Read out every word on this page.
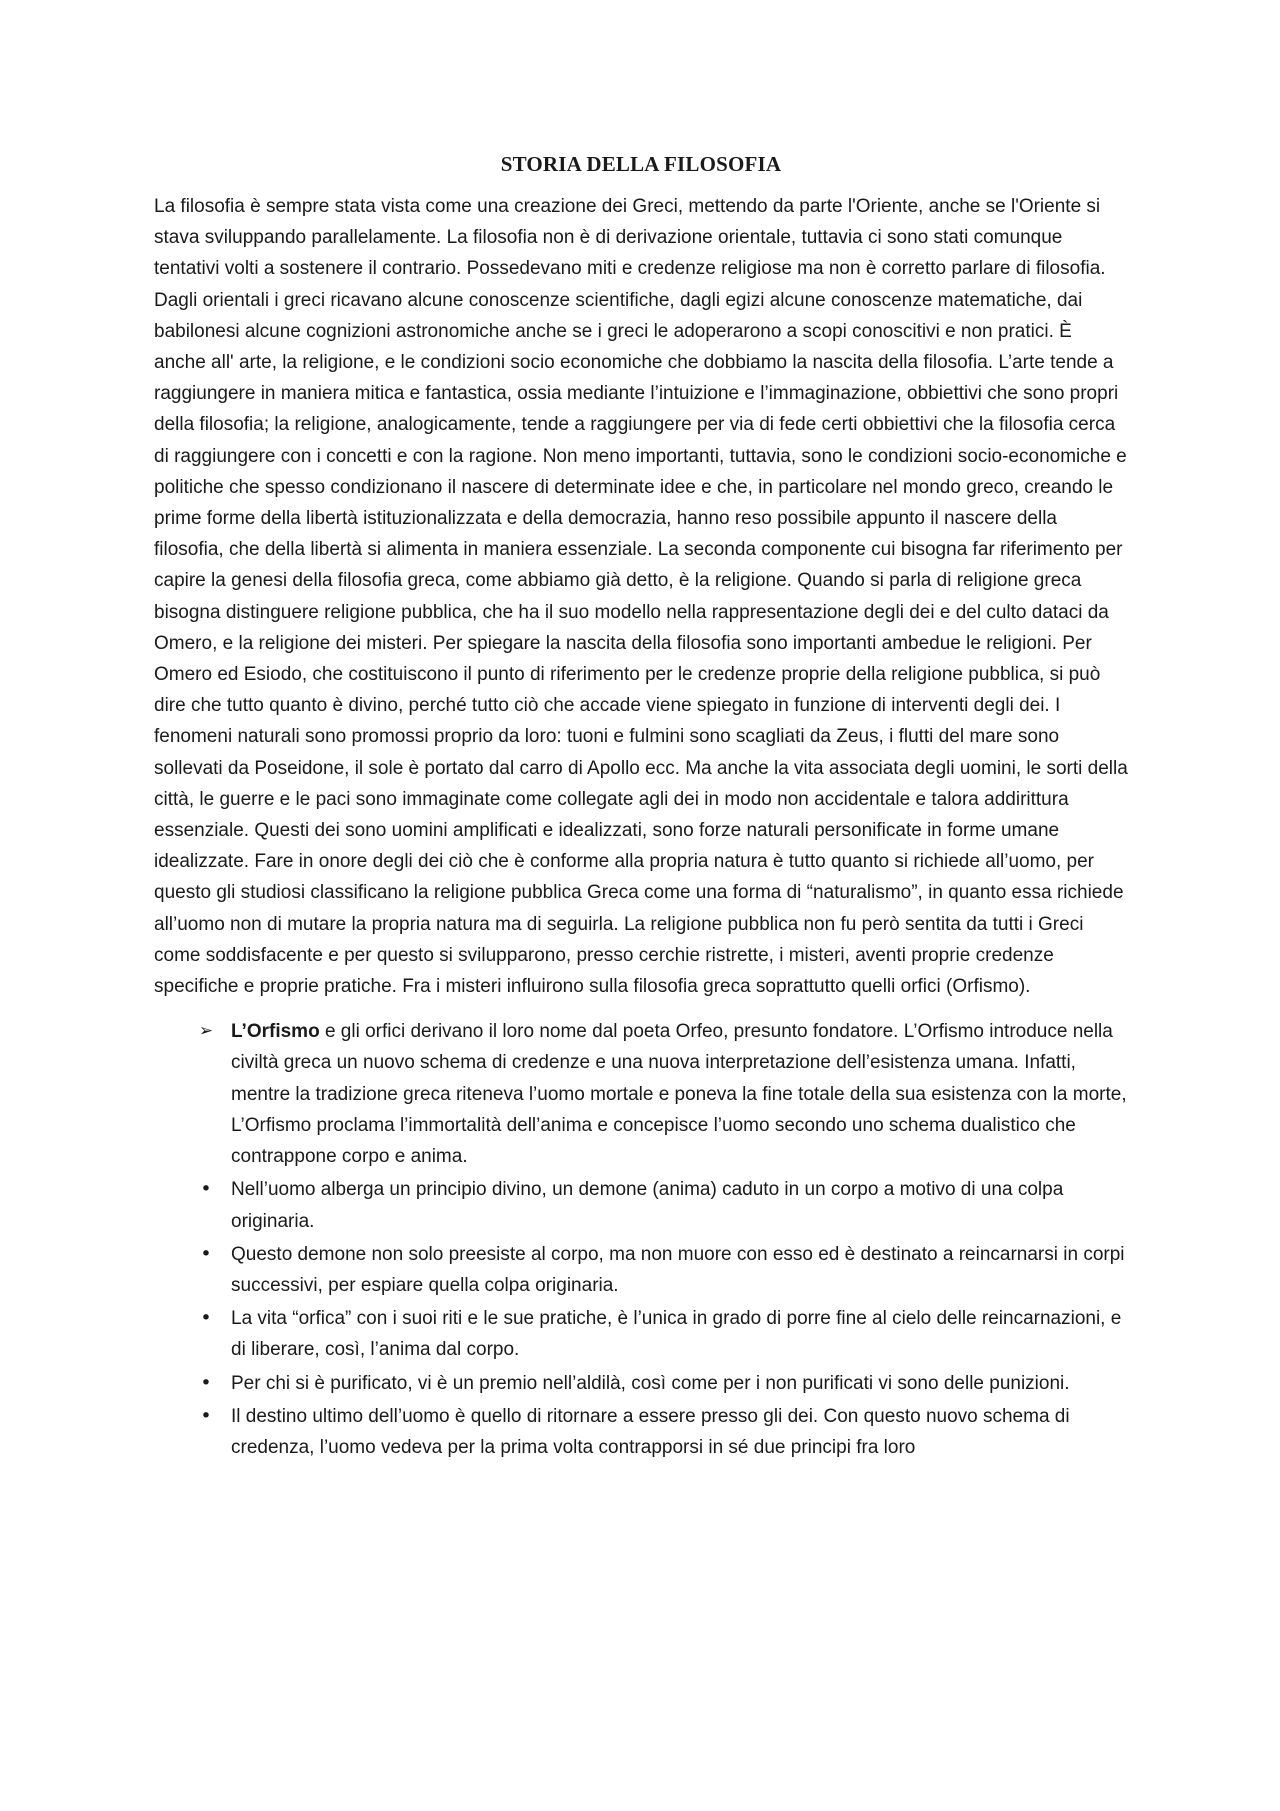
STORIA DELLA FILOSOFIA

La filosofia è sempre stata vista come una creazione dei Greci, mettendo da parte l'Oriente, anche se l'Oriente si stava sviluppando parallelamente. La filosofia non è di derivazione orientale, tuttavia ci sono stati comunque tentativi volti a sostenere il contrario. Possedevano miti e credenze religiose ma non è corretto parlare di filosofia. Dagli orientali i greci ricavano alcune conoscenze scientifiche, dagli egizi alcune conoscenze matematiche, dai babilonesi alcune cognizioni astronomiche anche se i greci le adoperarono a scopi conoscitivi e non pratici. È anche all' arte, la religione, e le condizioni socio economiche che dobbiamo la nascita della filosofia. L’arte tende a raggiungere in maniera mitica e fantastica, ossia mediante l’intuizione e l’immaginazione, obbiettivi che sono propri della filosofia; la religione, analogicamente, tende a raggiungere per via di fede certi obbiettivi che la filosofia cerca di raggiungere con i concetti e con la ragione. Non meno importanti, tuttavia, sono le condizioni socio-economiche e politiche che spesso condizionano il nascere di determinate idee e che, in particolare nel mondo greco, creando le prime forme della libertà istituzionalizzata e della democrazia, hanno reso possibile appunto il nascere della filosofia, che della libertà si alimenta in maniera essenziale. La seconda componente cui bisogna far riferimento per capire la genesi della filosofia greca, come abbiamo già detto, è la religione. Quando si parla di religione greca bisogna distinguere religione pubblica, che ha il suo modello nella rappresentazione degli dei e del culto dataci da Omero, e la religione dei misteri. Per spiegare la nascita della filosofia sono importanti ambedue le religioni. Per Omero ed Esiodo, che costituiscono il punto di riferimento per le credenze proprie della religione pubblica, si può dire che tutto quanto è divino, perché tutto ciò che accade viene spiegato in funzione di interventi degli dei. I fenomeni naturali sono promossi proprio da loro: tuoni e fulmini sono scagliati da Zeus, i flutti del mare sono sollevati da Poseidone, il sole è portato dal carro di Apollo ecc. Ma anche la vita associata degli uomini, le sorti della città, le guerre e le paci sono immaginate come collegate agli dei in modo non accidentale e talora addirittura essenziale. Questi dei sono uomini amplificati e idealizzati, sono forze naturali personificate in forme umane idealizzate. Fare in onore degli dei ciò che è conforme alla propria natura è tutto quanto si richiede all’uomo, per questo gli studiosi classificano la religione pubblica Greca come una forma di “naturalismo”, in quanto essa richiede all’uomo non di mutare la propria natura ma di seguirla. La religione pubblica non fu però sentita da tutti i Greci come soddisfacente e per questo si svilupparono, presso cerchie ristrette, i misteri, aventi proprie credenze specifiche e proprie pratiche. Fra i misteri influirono sulla filosofia greca soprattutto quelli orfici (Orfismo).

➢ L’Orfismo e gli orfici derivano il loro nome dal poeta Orfeo, presunto fondatore. L’Orfismo introduce nella civiltà greca un nuovo schema di credenze e una nuova interpretazione dell’esistenza umana. Infatti, mentre la tradizione greca riteneva l’uomo mortale e poneva la fine totale della sua esistenza con la morte, L’Orfismo proclama l’immortalità dell’anima e concepisce l’uomo secondo uno schema dualistico che contrappone corpo e anima.
• Nell’uomo alberga un principio divino, un demone (anima) caduto in un corpo a motivo di una colpa originaria.
• Questo demone non solo preesiste al corpo, ma non muore con esso ed è destinato a reincarnarsi in corpi successivi, per espiare quella colpa originaria.
• La vita “orfica” con i suoi riti e le sue pratiche, è l’unica in grado di porre fine al cielo delle reincarnazioni, e di liberare, così, l’anima dal corpo.
• Per chi si è purificato, vi è un premio nell’aldilà, così come per i non purificati vi sono delle punizioni.
• Il destino ultimo dell’uomo è quello di ritornare a essere presso gli dei. Con questo nuovo schema di credenza, l’uomo vedeva per la prima volta contrapporsi in sé due principi fra loro
